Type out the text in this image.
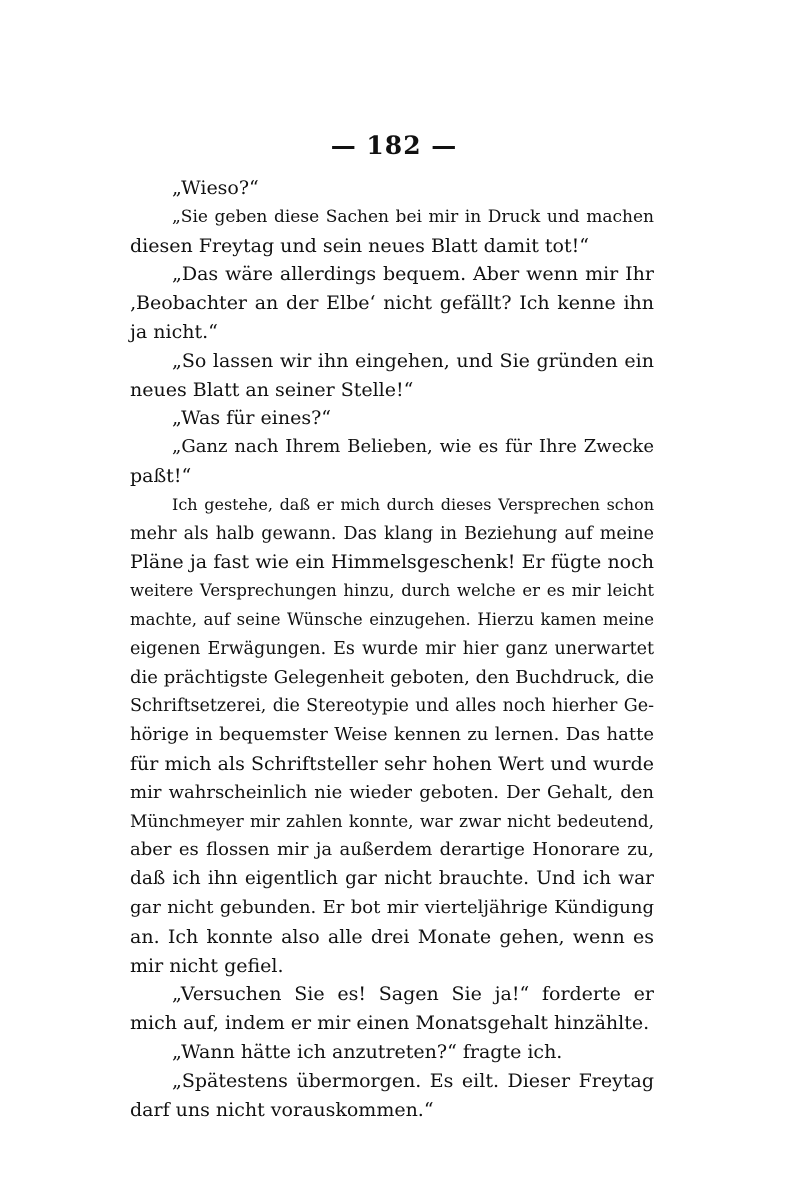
— 182 —
„Wieso?“
„Sie geben diese Sachen bei mir in Druck und machen
diesen Freytag und sein neues Blatt damit tot!“
„Das wäre allerdings bequem. Aber wenn mir Ihr
‚Beobachter an der Elbe‘ nicht gefällt? Ich kenne ihn
ja nicht.“
„So lassen wir ihn eingehen, und Sie gründen ein
neues Blatt an seiner Stelle!“
„Was für eines?“
„Ganz nach Ihrem Belieben, wie es für Ihre Zwecke
paßt!“
Ich gestehe, daß er mich durch dieses Versprechen schon
mehr als halb gewann. Das klang in Beziehung auf meine
Pläne ja fast wie ein Himmelsgeschenk! Er fügte noch
weitere Versprechungen hinzu, durch welche er es mir leicht
machte, auf seine Wünsche einzugehen. Hierzu kamen meine
eigenen Erwägungen. Es wurde mir hier ganz unerwartet
die prächtigste Gelegenheit geboten, den Buchdruck, die
Schriftsetzerei, die Stereotypie und alles noch hierher Ge-
hörige in bequemster Weise kennen zu lernen. Das hatte
für mich als Schriftsteller sehr hohen Wert und wurde
mir wahrscheinlich nie wieder geboten. Der Gehalt, den
Münchmeyer mir zahlen konnte, war zwar nicht bedeutend,
aber es flossen mir ja außerdem derartige Honorare zu,
daß ich ihn eigentlich gar nicht brauchte. Und ich war
gar nicht gebunden. Er bot mir vierteljährige Kündigung
an. Ich konnte also alle drei Monate gehen, wenn es
mir nicht gefiel.
„Versuchen Sie es! Sagen Sie ja!“ forderte er
mich auf, indem er mir einen Monatsgehalt hinzählte.
„Wann hätte ich anzutreten?“ fragte ich.
„Spätestens übermorgen. Es eilt. Dieser Freytag
darf uns nicht vorauskommen.“
